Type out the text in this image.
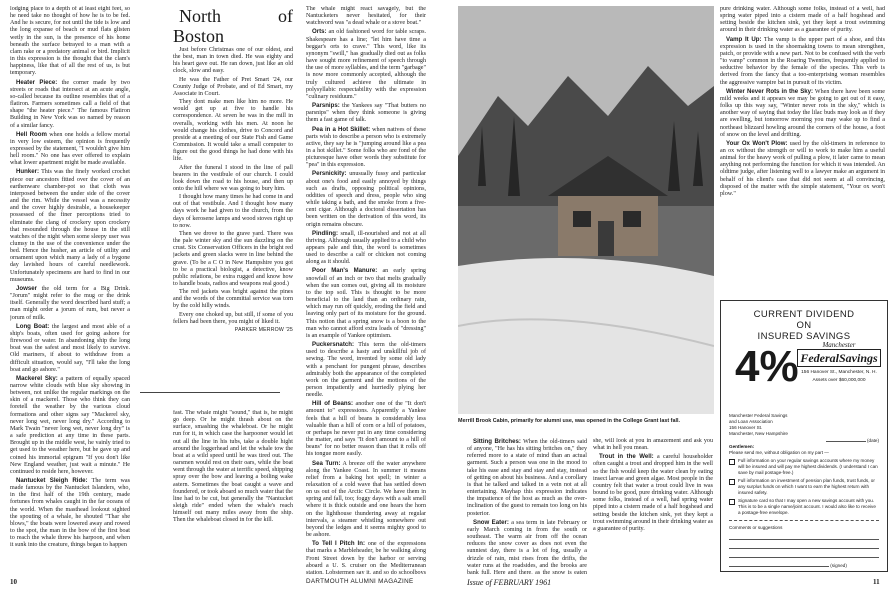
lodging place to a depth of at least eight feet, so he need take no thought of how he is to be fed. And he is secure, for not until the tide is low and the long expanse of beach or mud flats glisten wetly in the sun, is the presence of his home beneath the surface betrayed to a man with a clam rake or a predatory animal or bird. Implicit in this expression is the thought that the clam's happiness, like that of all the rest of us, is but temporary.

Heater Piece: the corner made by two streets or roads that intersect at an acute angle, so-called because its outline resembles that of a flatiron. Farmers sometimes call a field of that shape "the heater piece." The famous Flatiron Building in New York was so named by reason of a similar fancy.

Hell Room when one holds a fellow mortal in very low esteem, the opinion is frequently expressed by the statement, "I wouldn't give him hell room." No one has ever offered to explain what lower apartment might be made available.

Hunker: This was the finely worked crochet piece our ancestors fitted over the cover of an earthenware chamber-pot so that cloth was interposed between the under side of the cover and the rim. While the vessel was a necessity and the cover highly desirable, a housekeeper possessed of the finer perceptions tried to eliminate the clang of crockery upon crockery that resounded through the house in the still watches of the night when some sleepy user was clumsy in the use of the convenience under the bed. Hence the husher, an article of utility and ornament upon which many a lady of a bygone day lavished hours of careful needlework. Unfortunately specimens are hard to find in our museums.

Jowser the old term for a Big Drink. "Jorum" might refer to the mug or the drink itself. Generally the word described hard stuff; a man might order a jorum of rum, but never a jorum of milk.

Long Boat: the largest and most able of a ship's boats, often used for going ashore for firewood or water. In abandoning ship the long boat was the safest and most likely to survive. Old mariners, if about to withdraw from a difficult situation, would say, "I'll take the long boat and go ashore."

Mackerel Sky: a pattern of equally spaced narrow white clouds with blue sky showing in between, not unlike the regular markings on the skin of a mackerel. Those who think they can foretell the weather by the various cloud formations and other signs say "Mackerel sky, never long wet, never long dry." According to Mark Twain "never long wet, never long dry" is a safe prediction at any time in these parts. Brought up in the middle west, he vainly tried to get used to the weather here, but he gave up and coined his immortal epigram "If you don't like New England weather, just wait a minute." He continued to reside here, however.

Nantucket Sleigh Ride: The term was made famous by the Nantucket Islanders, who, in the first half of the 19th century, made fortunes from whales caught in the far oceans of the world. When the masthead lookout sighted the spouting of a whale, he shouted "Thar she blows," the boats were lowered away and rowed to the spot, the man in the bow of the first boat to reach the whale threw his harpoon, and when it sunk into the creature, things began to happen

North of Boston

Just before Christmas one of our oldest, and the best, man in town died. He was eighty and his heart gave out. He ran down, just like an old clock, slow and easy.

He was the Father of Pret Smart '24, our County Judge of Probate, and of Ed Smart, my Associate in Court.

They dont make men like him no more. He would get up at five to handle his correspondence. At seven he was in the mill in overalls, working with his men. At noon he would change his clothes, drive to Concord and preside at a meeting of our State Fish and Game Commission. It would take a small computer to figure out the good things he had done with his life.

After the funeral I stood in the line of pall bearers in the vestibule of our church. I could look down the road to his house, and then up onto the hill where we was going to bury him.

I thought how many times he had come in and out of that vestibule. And I thought how many days work he had given to the church, from the days of kerosene lamps and wood stoves right up to now.

Then we drove to the grave yard. There was the pale winter sky and the sun dazzling on the crust. Six Conservation Officers in the bright red jackets and green slacks were in line behind the grave. (To be a C O in New Hampshire you got to be a practical biologist, a detective, know public relations, be extra rugged and know how to handle boats, radios and weapons real good.)

The red jackets was bright against the pines and the words of the committal service was torn by the cold hilly winds.

Every one choked up, but still, if some of you fellers had been there, you might of liked it.

PARKER MERROW '25

fast. The whale might "sound," that is, he might go deep. Or he might thrash about on the surface, smashing the whaleboat. Or he might run for it, in which case the harpooner would let out all the line in his tubs, take a double hight around the loggerhead and let the whale tow the boat at a wild speed until he was tired out. The oarsmen would rest on their oars, while the boat went through the water at terrific speed, shipping spray over the bow and leaving a boiling wake astern. Sometimes the boat caught a wave and foundered, or took aboard so much water that the line had to be cut, but generally the "Nantucket sleigh ride" ended when the whale's reach himself out many miles away from the ship. Then the whaleboat closed in for the kill.

The whale might react savagely, but the Nantucketers never hesitated, for their watchword was "a dead whale or a stove boat."

Orts: an old fashioned word for table scraps. Shakespeare has a line; "let him have time a beggar's orts to crave." This word, like its synonym "swill," has gradually died out as folks have sought more refinement of speech through the use of more syllables, and the term "garbage" is now more commonly accepted, although the truly cultured achieve the ultimate in polysyllabic respectability with the expression "culinary residuum."

Parsnips: the Yankees say "That butters no parsnips" when they think someone is giving them a fast game of talk.

Pea in a Hot Skillet: when natives of these parts wish to describe a person who is extremely active, they say he is "jumping around like a pea in a hot skillet." Some folks who are fond of the picturesque have other words they substitute for "pea" in this expression.

Persnickity: unusually fussy and particular about one's food and easily annoyed by things such as drafts, opposing political opinions, oddities of speech and dress, people who sing while taking a bath, and the smoke from a five-cent cigar. Although a doctoral dissertation has been written on the derivation of this word, its origin remains obscure.

Pindling: small, ill-nourished and not at all thriving. Although usually applied to a child who appears pale and thin, the word is sometimes used to describe a calf or chicken not coming along as it should.

Poor Man's Manure: an early spring snowfall of an inch or two that melts gradually when the sun comes out, giving all its moisture to the top soil. This is thought to be more beneficial to the land than an ordinary rain, which may run off quickly, eroding the field and leaving only part of its moisture for the ground. This notion that a spring snow is a boon to the man who cannot afford extra loads of "dressing" is an example of Yankee optimism.

Puckersnatch: This term the old-timers used to describe a hasty and unskillful job of sewing. The word, invented by some old lady with a penchant for pungent phrase, describes admirably both the appearance of the completed work on the garment and the motions of the person impatiently and hurriedly plying her needle.

Hill of Beans: another one of the "It don't amount to" expressions. Apparently a Yankee feels that a hill of beans is considerably less valuable than a hill of corn or a hill of potatoes, or perhaps he never put in any time considering the matter, and says "It don't amount to a hill of beans" for no better reason than that it rolls off his tongue more easily.

Sea Turn: A breeze off the water anywhere along the Yankee Coast. In summer it means relief from a baking hot spell; in winter a relaxation of a cold wave that has settled down on us out of the Arctic Circle. We have them in spring and fall, too; foggy days with a salt smell where it is thick outside and one hears the horn on the lighthouse thundering away at regular intervals, a steamer whistling somewhere out beyond the ledges and it seems mighty good to be ashore.

To Tell I Pitch In: one of the expressions that marks a Marbleheader, be he walking along Front Street down by the harbor or serving aboard a U. S. cruiser on the Mediterranean station. Lobstermen say it, and so do schoolboys

Merrill Brook Cabin, primarily for alumni use, was opened in the College Grant last fall.

Sitting Britches: When the old-timers said of anyone, "He has his sitting britches on," they referred more to a state of mind than an actual garment. Such a person was one in the mood to take his ease and stay and stay and stay, instead of getting on about his business. And a corollary is that he talked and talked in a vein not at all entertaining. Mayhap this expression indicates the impatience of the host as much as the over-inclination of the guest to remain too long on his posterior.

Snow Eater: a sea term in late February or early March coming in from the south or southeast. The warm air from off the ocean reduces the snow cover as does not even the sunniest day, there is a lot of fog, usually a drizzle of rain, mist rises from the drifts, the water runs at the roadsides, and the brooks are bank full. Here and there, as the snow is eaten

she, will look at you in amazement and ask you what in hell you mean.

Trout in the Well: a careful householder often caught a trout and dropped him in the well so the fish would keep the water clean by eating insect larvae and green algae. Most people in the country felt that water a trout could live in was bound to be good, pure drinking water. Although some folks, instead of a well, had spring water piped into a cistern made of a half hogshead and setting beside the kitchen sink, yet they kept a trout swimming around in their drinking water as a guarantee of purity.

pure drinking water. Although some folks, instead of a well, had spring water piped into a cistern made of a half hogshead and setting beside the kitchen sink, yet they kept a trout swimming around in their drinking water as a guarantee of purity.

Vamp It Up: The vamp is the upper part of a shoe, and this expression is used in the shoemaking towns to mean strengthen, patch, or provide with a new part. Not to be confused with the verb "to vamp" common in the Roaring Twenties, frequently applied to seductive behavior by the female of the species. This verb is derived from the fancy that a too-enterprising woman resembles the aggressive vampire bat in pursuit of its victim.

Winter Never Rots in the Sky: When there have been some mild weeks and it appears we may be going to get out of it easy, folks up this way say, "Winter never rots in the sky," which is another way of saying that today the lilac buds may look as if they are swelling, but tomorrow morning you may wake up to find a northeast blizzard howling around the corners of the house, a foot of snow on the level and drifting.

Your Ox Won't Plow: used by the old-timers in reference to an ox without the strength or will to work to make him a useful animal for the heavy work of pulling a plow, it later came to mean anything not performing the function for which it was intended. An oldtime judge, after listening well to a lawyer make an argument in behalf of his client's case that did not seem at all convincing, disposed of the matter with the simple statement, "Your ox won't plow."

CURRENT DIVIDEND
ON
INSURED SAVINGS
4%	Manchester
FederalSavings
156 Hanover St., Manchester, N. H.
Assets over $60,000,000
Manchester Federal Savings
and Loan Association
156 Hanover St.
Manchester, New Hampshire
(date)
Gentlemen:
Please send me, without obligation on my part —
Full information on your regular savings accounts where my money will be insured and will pay me highest dividends. (I understand I can save by mail postage-free.)
Full information on investment of pension plan funds, trust funds, or any surplus funds on which I want to earn the highest return with insured safety.
Signature card so that I may open a new savings account with you. This is to be a single name/joint account. I would also like to receive a postage-free envelope.
Comments or suggestions
(signed)
10	DARTMOUTH ALUMNI MAGAZINE	Issue of FEBRUARY 1961	11
